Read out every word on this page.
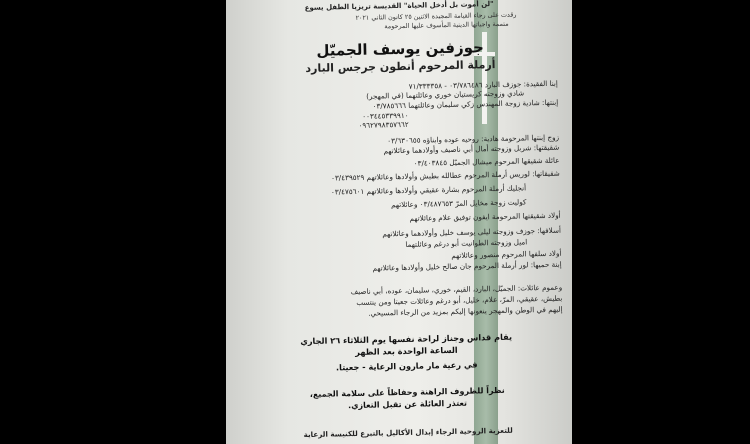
"لن أموت بل أدخل الحياة" القديسة تريزيا الطفل يسوع
رقدت على رجاء القيامة المجيدة الاثنين ٢٥ كانون الثاني ٢٠٢١
متممة واجباتها الدينية المأسوف عليها المرحومة
جوزفين يوسف الجميّل
أرملة المرحوم أنطون جرجس البارد
إبنا الفقيدة: جوزف البارد ٠٣/٧٨٦٤٨٦ - ٧١/٣٣٣٣٥٨
شادي وزوجته كريستيان خوري وعائلتهما (في المهجر)
إبنتها: شادية زوجة المهندس زكي سليمان وعائلتهما ٠٣/٧٨٥٦٦٦
٠٠٣٤٤٥٣٣٩٩١٠
٠٩٦٢٧٩٨٣٥٧٦٦٢
زوج إبنتها المرحومة هادية: روحيه عوده وابناؤه ٠٣/٦٣٠٦٥٥
شقيقتها: شربل وزوجته أمال أبي ناصيف وأولادهما وعائلاتهم
عائلة شقيقها المرحوم ميشال الجميّل ٠٣/٤٠٣٨٤٥
شقيقاتها: لوريس أرملة المرحوم عطالله بطيش وأولادها وعائلاتهم ٠٣/٤٣٩٥٢٩
أنجليك أرملة المرحوم بشارة عقيقي وأولادها وعائلاتهم ٠٣/٤٧٥٦٠١
كوليت زوجة مخايل المرّ ٠٣/٤٨٧٦٥٣ وعائلاتهم
أولاد شقيقتها المرحومة ايفون توفيق علام وعائلاتهم
أسلافها: جوزف وزوجته ليلى يوسف خليل وأولادهما وعائلاتهم
اميل وزوجته الطوانيت أبو درغم وعائلتهما
أولاد سلفها المرحوم منصور وعائلاتهم
إبنة حميها: لور أرملة المرحوم جان صالح خليل وأولادها وعائلاتهم
وعموم عائلات: الجميّل، البارد، القيم، خوري، سليمان، عوده، أبي ناصيف
بطيش، عقيقي، المرّ، علام، خليل، أبو درغم وعائلات جعيتا ومن ينتسب
إليهم في الوطن والمهجر ينعونها إليكم بمزيد من الرجاء المسيحي.
يقام قداس وجناز لراحة نفسها يوم الثلاثاء ٢٦ الجاري
الساعة الواحدة بعد الظهر
في رعية مار مارون الرعاية - جعيتا.
نظراً للظروف الراهنة وحفاظاً على سلامة الجميع،
تعتذر العائلة عن تقبل التعازي.
للتعزية الروحية الرجاء إبدال الأكاليل بالتبرع للكنيسة الرعاية
